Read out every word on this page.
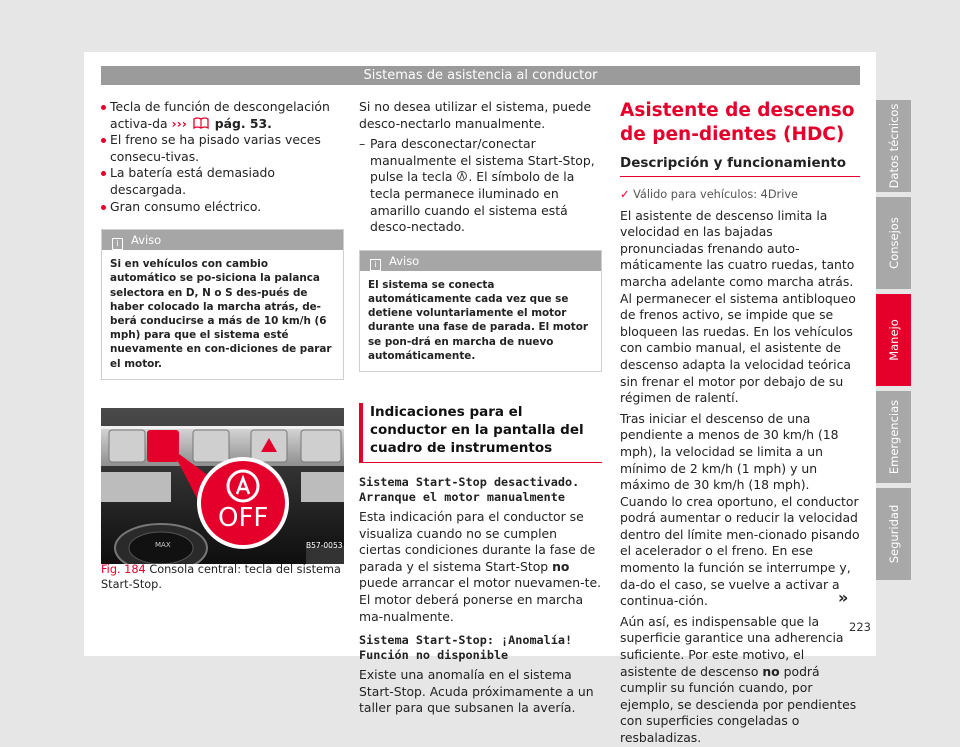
Sistemas de asistencia al conductor
Tecla de función de descongelación activa-da ››› pág. 53.
El freno se ha pisado varias veces consecu-tivas.
La batería está demasiado descargada.
Gran consumo eléctrico.
i Aviso
Si en vehículos con cambio automático se po-siciona la palanca selectora en D, N o S des-pués de haber colocado la marcha atrás, de-berá conducirse a más de 10 km/h (6 mph) para que el sistema esté nuevamente en con-diciones de parar el motor.
MAX	B57-0053
OFF
Fig. 184 Consola central: tecla del sistema Start-Stop.

Si no desea utilizar el sistema, puede desco-nectarlo manualmente.

– Para desconectar/conectar manualmente el sistema Start-Stop, pulse la tecla . El símbolo de la tecla permanece iluminado en amarillo cuando el sistema está desco-nectado.
i Aviso
El sistema se conecta automáticamente cada vez que se detiene voluntariamente el motor durante una fase de parada. El motor se pon-drá en marcha de nuevo automáticamente.
Indicaciones para el conductor en la pantalla del cuadro de instrumentos

Sistema Start-Stop desactivado. Arranque el motor manualmente

Esta indicación para el conductor se visualiza cuando no se cumplen ciertas condiciones durante la fase de parada y el sistema Start-Stop no puede arrancar el motor nuevamen-te. El motor deberá ponerse en marcha ma-nualmente.

Sistema Start-Stop: ¡Anomalía! Función no disponible

Existe una anomalía en el sistema Start-Stop. Acuda próximamente a un taller para que subsanen la avería.

Asistente de descenso de pen-dientes (HDC)
Descripción y funcionamiento

✓ Válido para vehículos: 4Drive

El asistente de descenso limita la velocidad en las bajadas pronunciadas frenando auto-máticamente las cuatro ruedas, tanto marcha adelante como marcha atrás. Al permanecer el sistema antibloqueo de frenos activo, se impide que se bloqueen las ruedas. En los vehículos con cambio manual, el asistente de descenso adapta la velocidad teórica sin frenar el motor por debajo de su régimen de ralentí.

Tras iniciar el descenso de una pendiente a menos de 30 km/h (18 mph), la velocidad se limita a un mínimo de 2 km/h (1 mph) y un máximo de 30 km/h (18 mph). Cuando lo crea oportuno, el conductor podrá aumentar o reducir la velocidad dentro del límite men-cionado pisando el acelerador o el freno. En ese momento la función se interrumpe y, da-do el caso, se vuelve a activar a continua-ción.

Aún así, es indispensable que la superficie garantice una adherencia suficiente. Por este motivo, el asistente de descenso no podrá cumplir su función cuando, por ejemplo, se descienda por pendientes con superficies congeladas o resbaladizas.

»
Datos técnicos
Consejos
Manejo
Emergencias
Seguridad
223
